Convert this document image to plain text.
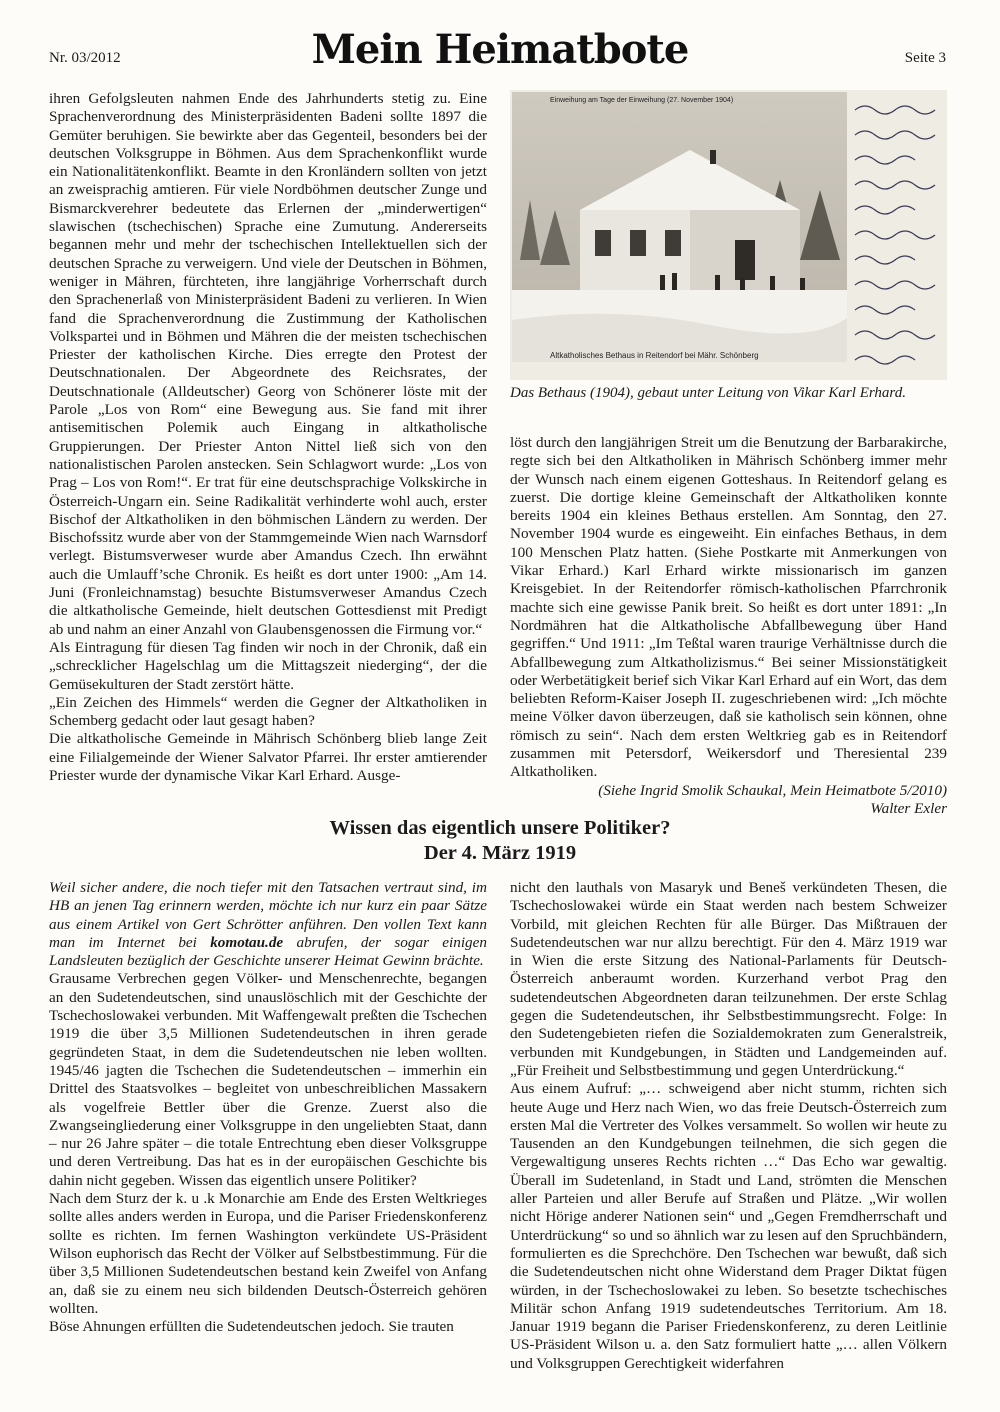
Nr. 03/2012	Mein Heimatbote	Seite 3

ihren Gefolgsleuten nahmen Ende des Jahrhunderts stetig zu. Eine Sprachenverordnung des Ministerpräsidenten Badeni sollte 1897 die Gemüter beruhigen. Sie bewirkte aber das Gegenteil, besonders bei der deutschen Volksgruppe in Böhmen. Aus dem Sprachenkonflikt wurde ein Nationalitätenkonflikt. Beamte in den Kronländern sollten von jetzt an zweisprachig amtieren. Für viele Nordböhmen deutscher Zunge und Bismarckverehrer bedeutete das Erlernen der „minderwertigen“ slawischen (tschechischen) Sprache eine Zumutung. Andererseits begannen mehr und mehr der tschechischen Intellektuellen sich der deutschen Sprache zu verweigern. Und viele der Deutschen in Böhmen, weniger in Mähren, fürchteten, ihre langjährige Vorherrschaft durch den Sprachenerlaß von Ministerpräsident Badeni zu verlieren. In Wien fand die Sprachenverordnung die Zustimmung der Katholischen Volkspartei und in Böhmen und Mähren die der meisten tschechischen Priester der katholischen Kirche. Dies erregte den Protest der Deutschnationalen. Der Abgeordnete des Reichsrates, der Deutschnationale (Alldeutscher) Georg von Schönerer löste mit der Parole „Los von Rom“ eine Bewegung aus. Sie fand mit ihrer antisemitischen Polemik auch Eingang in altkatholische Gruppierungen. Der Priester Anton Nittel ließ sich von den nationalistischen Parolen anstecken. Sein Schlagwort wurde: „Los von Prag – Los von Rom!“. Er trat für eine deutschsprachige Volkskirche in Österreich-Ungarn ein. Seine Radikalität verhinderte wohl auch, erster Bischof der Altkatholiken in den böhmischen Ländern zu werden. Der Bischofssitz wurde aber von der Stammgemeinde Wien nach Warnsdorf verlegt. Bistumsverweser wurde aber Amandus Czech. Ihn erwähnt auch die Umlauff’sche Chronik. Es heißt es dort unter 1900: „Am 14. Juni (Fronleichnamstag) besuchte Bistumsverweser Amandus Czech die altkatholische Gemeinde, hielt deutschen Gottesdienst mit Predigt ab und nahm an einer Anzahl von Glaubensgenossen die Firmung vor.“

Als Eintragung für diesen Tag finden wir noch in der Chronik, daß ein „schrecklicher Hagelschlag um die Mittagszeit niederging“, der die Gemüsekulturen der Stadt zerstört hätte.

„Ein Zeichen des Himmels“ werden die Gegner der Altkatholiken in Schemberg gedacht oder laut gesagt haben?

Die altkatholische Gemeinde in Mährisch Schönberg blieb lange Zeit eine Filialgemeinde der Wiener Salvator Pfarrei. Ihr erster amtierender Priester wurde der dynamische Vikar Karl Erhard. Ausge-

Einweihung am Tage der Einweihung (27. November 1904)
Altkatholisches Bethaus in Reitendorf bei Mähr. Schönberg
Das Bethaus (1904), gebaut unter Leitung von Vikar Karl Erhard.

löst durch den langjährigen Streit um die Benutzung der Barbarakirche, regte sich bei den Altkatholiken in Mährisch Schönberg immer mehr der Wunsch nach einem eigenen Gotteshaus. In Reitendorf gelang es zuerst. Die dortige kleine Gemeinschaft der Altkatholiken konnte bereits 1904 ein kleines Bethaus erstellen. Am Sonntag, den 27. November 1904 wurde es eingeweiht. Ein einfaches Bethaus, in dem 100 Menschen Platz hatten. (Siehe Postkarte mit Anmerkungen von Vikar Erhard.) Karl Erhard wirkte missionarisch im ganzen Kreisgebiet. In der Reitendorfer römisch-katholischen Pfarrchronik machte sich eine gewisse Panik breit. So heißt es dort unter 1891: „In Nordmähren hat die Altkatholische Abfallbewegung über Hand gegriffen.“ Und 1911: „Im Teßtal waren traurige Verhältnisse durch die Abfallbewegung zum Altkatholizismus.“ Bei seiner Missionstätigkeit oder Werbetätigkeit berief sich Vikar Karl Erhard auf ein Wort, das dem beliebten Reform-Kaiser Joseph II. zugeschriebenen wird: „Ich möchte meine Völker davon überzeugen, daß sie katholisch sein können, ohne römisch zu sein“. Nach dem ersten Weltkrieg gab es in Reitendorf zusammen mit Petersdorf, Weikersdorf und Theresiental 239 Altkatholiken.

(Siehe Ingrid Smolik Schaukal, Mein Heimatbote 5/2010)

Walter Exler

Wissen das eigentlich unsere Politiker?
Der 4. März 1919

Weil sicher andere, die noch tiefer mit den Tatsachen vertraut sind, im HB an jenen Tag erinnern werden, möchte ich nur kurz ein paar Sätze aus einem Artikel von Gert Schrötter anführen. Den vollen Text kann man im Internet bei komotau.de abrufen, der sogar einigen Landsleuten bezüglich der Geschichte unserer Heimat Gewinn brächte.

Grausame Verbrechen gegen Völker- und Menschenrechte, begangen an den Sudetendeutschen, sind unauslöschlich mit der Geschichte der Tschechoslowakei verbunden. Mit Waffengewalt preßten die Tschechen 1919 die über 3,5 Millionen Sudetendeutschen in ihren gerade gegründeten Staat, in dem die Sudetendeutschen nie leben wollten. 1945/46 jagten die Tschechen die Sudetendeutschen – immerhin ein Drittel des Staatsvolkes – begleitet von unbeschreiblichen Massakern als vogelfreie Bettler über die Grenze. Zuerst also die Zwangseingliederung einer Volksgruppe in den ungeliebten Staat, dann – nur 26 Jahre später – die totale Entrechtung eben dieser Volksgruppe und deren Vertreibung. Das hat es in der europäischen Geschichte bis dahin nicht gegeben. Wissen das eigentlich unsere Politiker?

Nach dem Sturz der k. u .k Monarchie am Ende des Ersten Weltkrieges sollte alles anders werden in Europa, und die Pariser Friedenskonferenz sollte es richten. Im fernen Washington verkündete US-Präsident Wilson euphorisch das Recht der Völker auf Selbstbestimmung. Für die über 3,5 Millionen Sudetendeutschen bestand kein Zweifel von Anfang an, daß sie zu einem neu sich bildenden Deutsch-Österreich gehören wollten.

Böse Ahnungen erfüllten die Sudetendeutschen jedoch. Sie trauten

nicht den lauthals von Masaryk und Beneš verkündeten Thesen, die Tschechoslowakei würde ein Staat werden nach bestem Schweizer Vorbild, mit gleichen Rechten für alle Bürger. Das Mißtrauen der Sudetendeutschen war nur allzu berechtigt. Für den 4. März 1919 war in Wien die erste Sitzung des National-Parlaments für Deutsch-Österreich anberaumt worden. Kurzerhand verbot Prag den sudetendeutschen Abgeordneten daran teilzunehmen. Der erste Schlag gegen die Sudetendeutschen, ihr Selbstbestimmungsrecht. Folge: In den Sudetengebieten riefen die Sozialdemokraten zum Generalstreik, verbunden mit Kundgebungen, in Städten und Landgemeinden auf. „Für Freiheit und Selbstbestimmung und gegen Unterdrückung.“

Aus einem Aufruf: „… schweigend aber nicht stumm, richten sich heute Auge und Herz nach Wien, wo das freie Deutsch-Österreich zum ersten Mal die Vertreter des Volkes versammelt. So wollen wir heute zu Tausenden an den Kundgebungen teilnehmen, die sich gegen die Vergewaltigung unseres Rechts richten …“ Das Echo war gewaltig. Überall im Sudetenland, in Stadt und Land, strömten die Menschen aller Parteien und aller Berufe auf Straßen und Plätze. „Wir wollen nicht Hörige anderer Nationen sein“ und „Gegen Fremdherrschaft und Unterdrückung“ so und so ähnlich war zu lesen auf den Spruchbändern, formulierten es die Sprechchöre. Den Tschechen war bewußt, daß sich die Sudetendeutschen nicht ohne Widerstand dem Prager Diktat fügen würden, in der Tschechoslowakei zu leben. So besetzte tschechisches Militär schon Anfang 1919 sudetendeutsches Territorium. Am 18. Januar 1919 begann die Pariser Friedenskonferenz, zu deren Leitlinie US-Präsident Wilson u. a. den Satz formuliert hatte „… allen Völkern und Volksgruppen Gerechtigkeit widerfahren
